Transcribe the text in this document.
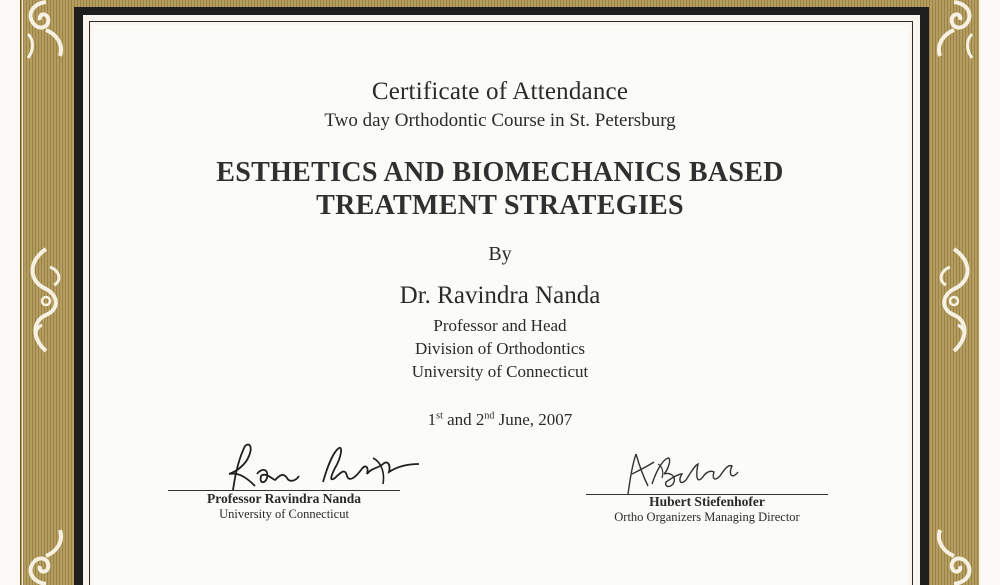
Certificate of Attendance
Two day Orthodontic Course in St. Petersburg
ESTHETICS AND BIOMECHANICS BASED
TREATMENT STRATEGIES
By
Dr. Ravindra Nanda
Professor and Head
Division of Orthodontics
University of Connecticut
1st and 2nd June, 2007
Professor Ravindra Nanda
University of Connecticut
Hubert Stiefenhofer
Ortho Organizers Managing Director
